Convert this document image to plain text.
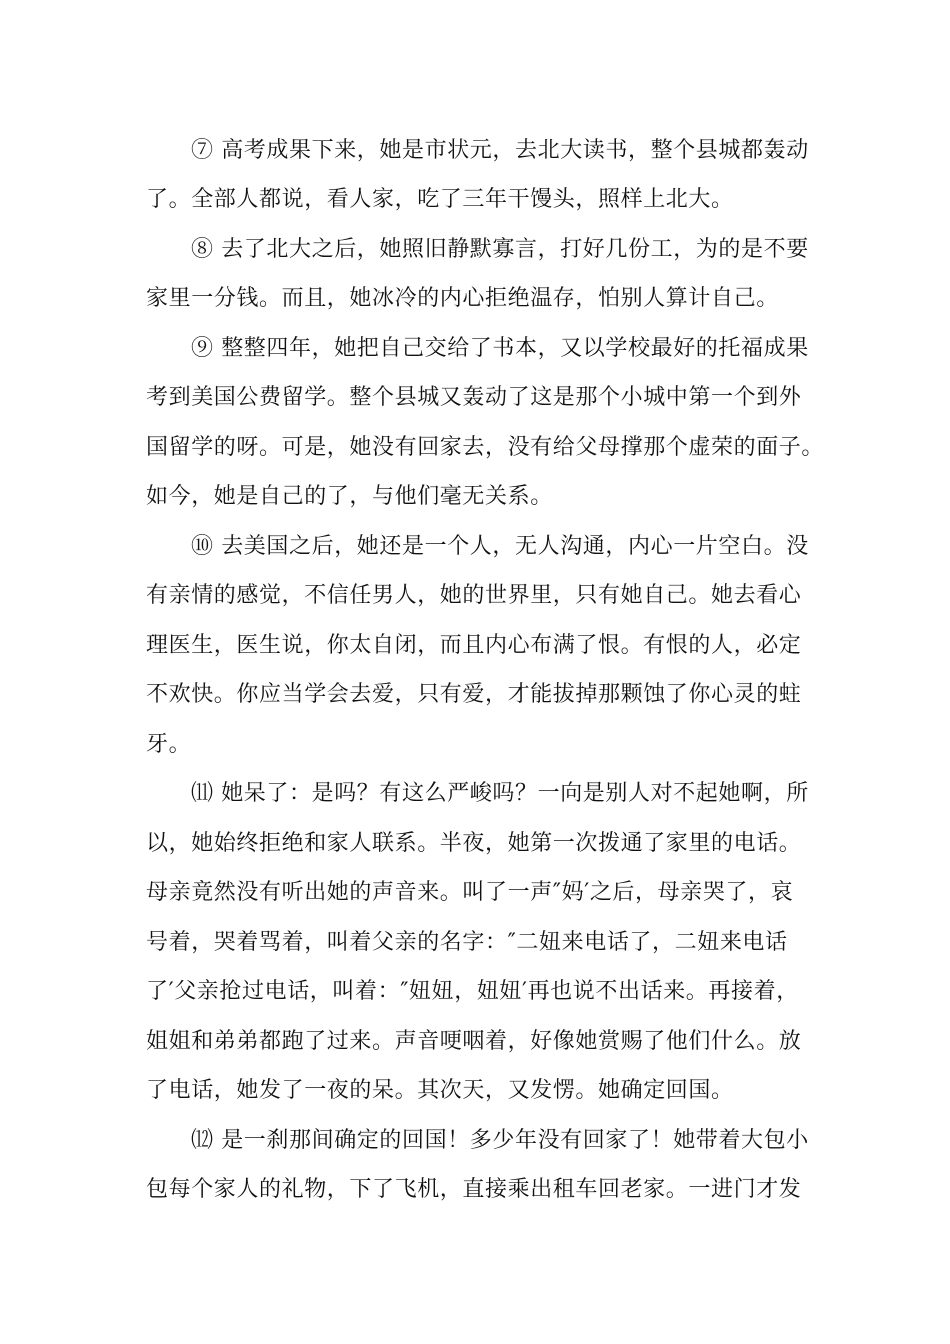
⑦ 高考成果下来，她是市状元，去北大读书，整个县城都轰动

了。全部人都说，看人家，吃了三年干馒头，照样上北大。

⑧ 去了北大之后，她照旧静默寡言，打好几份工，为的是不要

家里一分钱。而且，她冰冷的内心拒绝温存，怕别人算计自己。

⑨ 整整四年，她把自己交给了书本，又以学校最好的托福成果

考到美国公费留学。整个县城又轰动了这是那个小城中第一个到外

国留学的呀。可是，她没有回家去，没有给父母撑那个虚荣的面子。

如今，她是自己的了，与他们毫无关系。

⑩ 去美国之后，她还是一个人，无人沟通，内心一片空白。没

有亲情的感觉，不信任男人，她的世界里，只有她自己。她去看心

理医生，医生说，你太自闭，而且内心布满了恨。有恨的人，必定

不欢快。你应当学会去爱，只有爱，才能拔掉那颗蚀了你心灵的蛀

牙。

⑾ 她呆了：是吗？有这么严峻吗？一向是别人对不起她啊，所

以，她始终拒绝和家人联系。半夜，她第一次拨通了家里的电话。

母亲竟然没有听出她的声音来。叫了一声″妈′之后，母亲哭了，哀

号着，哭着骂着，叫着父亲的名字：″二妞来电话了，二妞来电话

了′父亲抢过电话，叫着：″妞妞，妞妞′再也说不出话来。再接着，

姐姐和弟弟都跑了过来。声音哽咽着，好像她赏赐了他们什么。放

了电话，她发了一夜的呆。其次天，又发愣。她确定回国。

⑿ 是一刹那间确定的回国！多少年没有回家了！她带着大包小

包每个家人的礼物，下了飞机，直接乘出租车回老家。一进门才发
